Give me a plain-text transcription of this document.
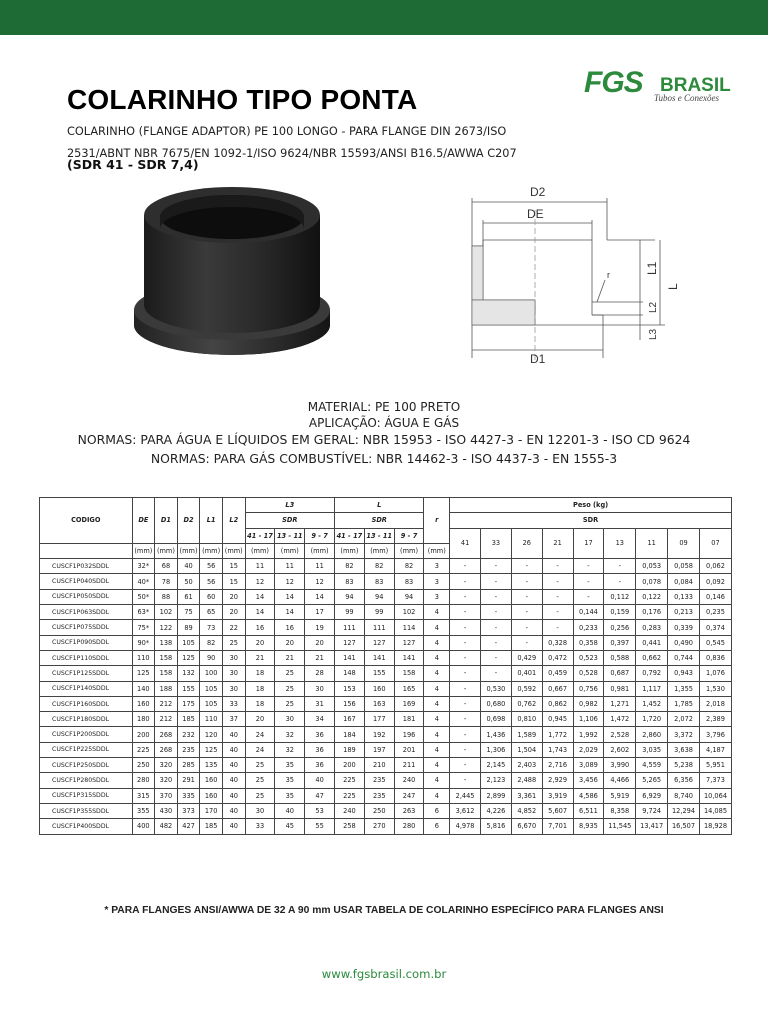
COLARINHO TIPO PONTA
FGS BRASIL
Tubos e Conexões

COLARINHO (FLANGE ADAPTOR) PE 100 LONGO - PARA FLANGE DIN 2673/ISO 2531/ABNT NBR 7675/EN 1092-1/ISO 9624/NBR 15593/ANSI B16.5/AWWA C207

(SDR 41 - SDR 7,4)

D2
DE
D1
r	L1
L2
L3
L

MATERIAL: PE 100 PRETO

APLICAÇÃO: ÁGUA E GÁS

NORMAS: PARA ÁGUA E LÍQUIDOS EM GERAL: NBR 15953 - ISO 4427-3 - EN 12201-3 - ISO CD 9624

NORMAS: PARA GÁS COMBUSTÍVEL: NBR 14462-3 - ISO 4437-3 - EN 1555-3

CODIGO	DE	D1	D2	L1	L2	L3			L			r	Peso (kg)								
						SDR			SDR				SDR								
						41 - 17	13 - 11	9 - 7	41 - 17	13 - 11	9 - 7		41	33	26	21	17	13	11	09	07
	(mm)	(mm)	(mm)	(mm)	(mm)	(mm)	(mm)	(mm)	(mm)	(mm)	(mm)	(mm)									
CUSCF1P032SDDL	32*	68	40	56	15	11	11	11	82	82	82	3	-	-	-	-	-	-	0,053	0,058	0,062
CUSCF1P040SDDL	40*	78	50	56	15	12	12	12	83	83	83	3	-	-	-	-	-	-	0,078	0,084	0,092
CUSCF1P050SDDL	50*	88	61	60	20	14	14	14	94	94	94	3	-	-	-	-	-	0,112	0,122	0,133	0,146
CUSCF1P063SDDL	63*	102	75	65	20	14	14	17	99	99	102	4	-	-	-	-	0,144	0,159	0,176	0,213	0,235
CUSCF1P075SDDL	75*	122	89	73	22	16	16	19	111	111	114	4	-	-	-	-	0,233	0,256	0,283	0,339	0,374
CUSCF1P090SDDL	90*	138	105	82	25	20	20	20	127	127	127	4	-	-	-	0,328	0,358	0,397	0,441	0,490	0,545
CUSCF1P110SDDL	110	158	125	90	30	21	21	21	141	141	141	4	-	-	0,429	0,472	0,523	0,588	0,662	0,744	0,836
CUSCF1P125SDDL	125	158	132	100	30	18	25	28	148	155	158	4	-	-	0,401	0,459	0,528	0,687	0,792	0,943	1,076
CUSCF1P140SDDL	140	188	155	105	30	18	25	30	153	160	165	4	-	0,530	0,592	0,667	0,756	0,981	1,117	1,355	1,530
CUSCF1P160SDDL	160	212	175	105	33	18	25	31	156	163	169	4	-	0,680	0,762	0,862	0,982	1,271	1,452	1,785	2,018
CUSCF1P180SDDL	180	212	185	110	37	20	30	34	167	177	181	4	-	0,698	0,810	0,945	1,106	1,472	1,720	2,072	2,389
CUSCF1P200SDDL	200	268	232	120	40	24	32	36	184	192	196	4	-	1,436	1,589	1,772	1,992	2,528	2,860	3,372	3,796
CUSCF1P225SDDL	225	268	235	125	40	24	32	36	189	197	201	4	-	1,306	1,504	1,743	2,029	2,602	3,035	3,638	4,187
CUSCF1P250SDDL	250	320	285	135	40	25	35	36	200	210	211	4	-	2,145	2,403	2,716	3,089	3,990	4,559	5,238	5,951
CUSCF1P280SDDL	280	320	291	160	40	25	35	40	225	235	240	4	-	2,123	2,488	2,929	3,456	4,466	5,265	6,356	7,373
CUSCF1P315SDDL	315	370	335	160	40	25	35	47	225	235	247	4	2,445	2,899	3,361	3,919	4,586	5,919	6,929	8,740	10,064
CUSCF1P355SDDL	355	430	373	170	40	30	40	53	240	250	263	6	3,612	4,226	4,852	5,607	6,511	8,358	9,724	12,294	14,085
CUSCF1P400SDDL	400	482	427	185	40	33	45	55	258	270	280	6	4,978	5,816	6,670	7,701	8,935	11,545	13,417	16,507	18,928

* PARA FLANGES ANSI/AWWA DE 32 A 90 mm USAR TABELA DE COLARINHO ESPECÍFICO PARA FLANGES ANSI

www.fgsbrasil.com.br
